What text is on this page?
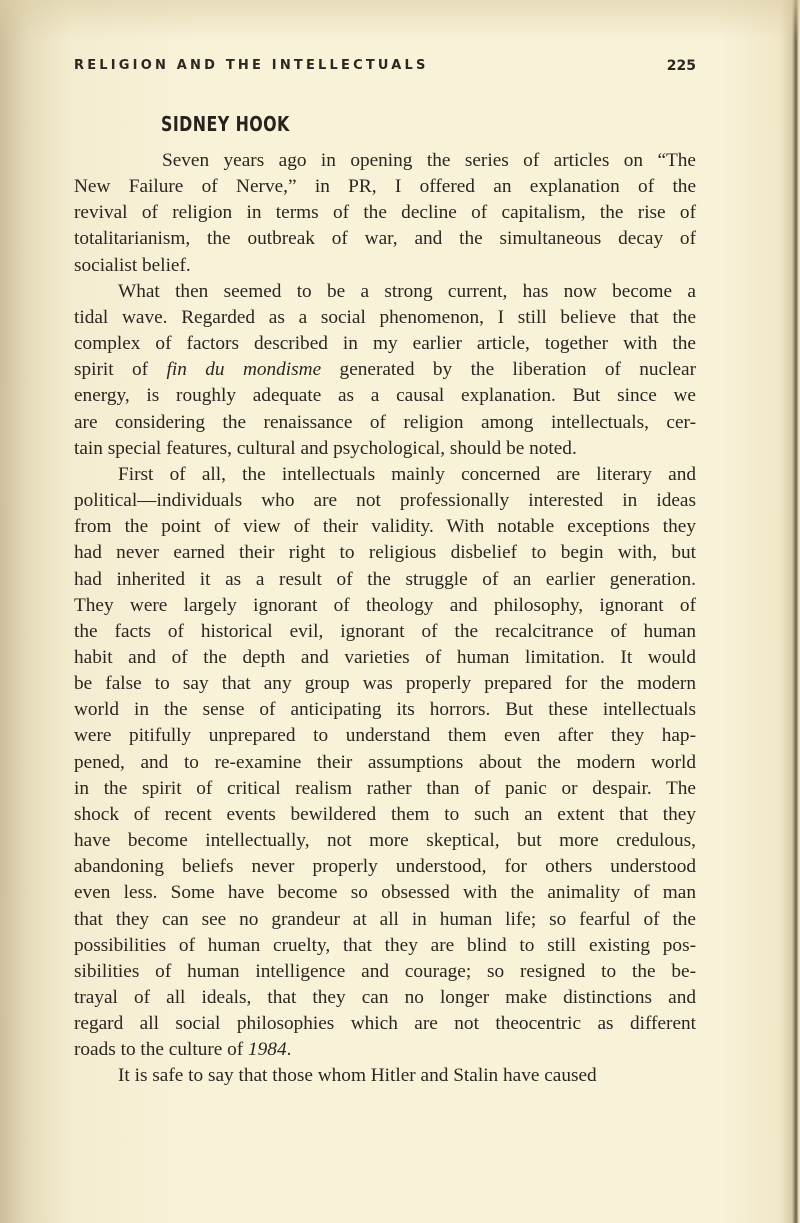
RELIGION AND THE INTELLECTUALS	225
SIDNEY HOOK
Seven years ago in opening the series of articles on “The
New Failure of Nerve,” in PR, I offered an explanation of the
revival of religion in terms of the decline of capitalism, the rise of
totalitarianism, the outbreak of war, and the simultaneous decay of
socialist belief.
What then seemed to be a strong current, has now become a
tidal wave. Regarded as a social phenomenon, I still believe that the
complex of factors described in my earlier article, together with the
spirit of fin du mondisme generated by the liberation of nuclear
energy, is roughly adequate as a causal explanation. But since we
are considering the renaissance of religion among intellectuals, cer-
tain special features, cultural and psychological, should be noted.
First of all, the intellectuals mainly concerned are literary and
political—individuals who are not professionally interested in ideas
from the point of view of their validity. With notable exceptions they
had never earned their right to religious disbelief to begin with, but
had inherited it as a result of the struggle of an earlier generation.
They were largely ignorant of theology and philosophy, ignorant of
the facts of historical evil, ignorant of the recalcitrance of human
habit and of the depth and varieties of human limitation. It would
be false to say that any group was properly prepared for the modern
world in the sense of anticipating its horrors. But these intellectuals
were pitifully unprepared to understand them even after they hap-
pened, and to re-examine their assumptions about the modern world
in the spirit of critical realism rather than of panic or despair. The
shock of recent events bewildered them to such an extent that they
have become intellectually, not more skeptical, but more credulous,
abandoning beliefs never properly understood, for others understood
even less. Some have become so obsessed with the animality of man
that they can see no grandeur at all in human life; so fearful of the
possibilities of human cruelty, that they are blind to still existing pos-
sibilities of human intelligence and courage; so resigned to the be-
trayal of all ideals, that they can no longer make distinctions and
regard all social philosophies which are not theocentric as different
roads to the culture of 1984.
It is safe to say that those whom Hitler and Stalin have caused
